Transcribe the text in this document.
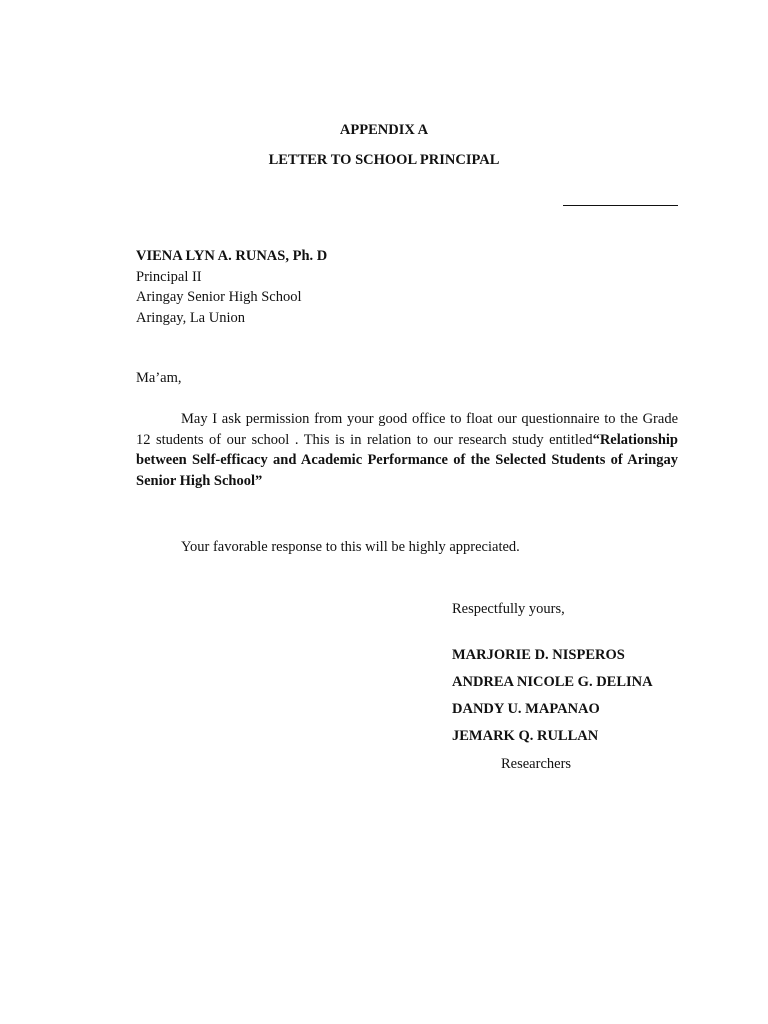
APPENDIX A
LETTER TO SCHOOL PRINCIPAL
VIENA LYN A. RUNAS, Ph. D
Principal II
Aringay Senior High School
Aringay, La Union
Ma’am,
May I ask permission from your good office to float our questionnaire to the Grade 12 students of our school . This is in relation to our research study entitled“Relationship between Self-efficacy and Academic Performance of the Selected Students of Aringay Senior High School”
Your favorable response to this will be highly appreciated.
Respectfully yours,
MARJORIE D. NISPEROS
ANDREA NICOLE G. DELINA
DANDY U. MAPANAO
JEMARK Q. RULLAN
Researchers
